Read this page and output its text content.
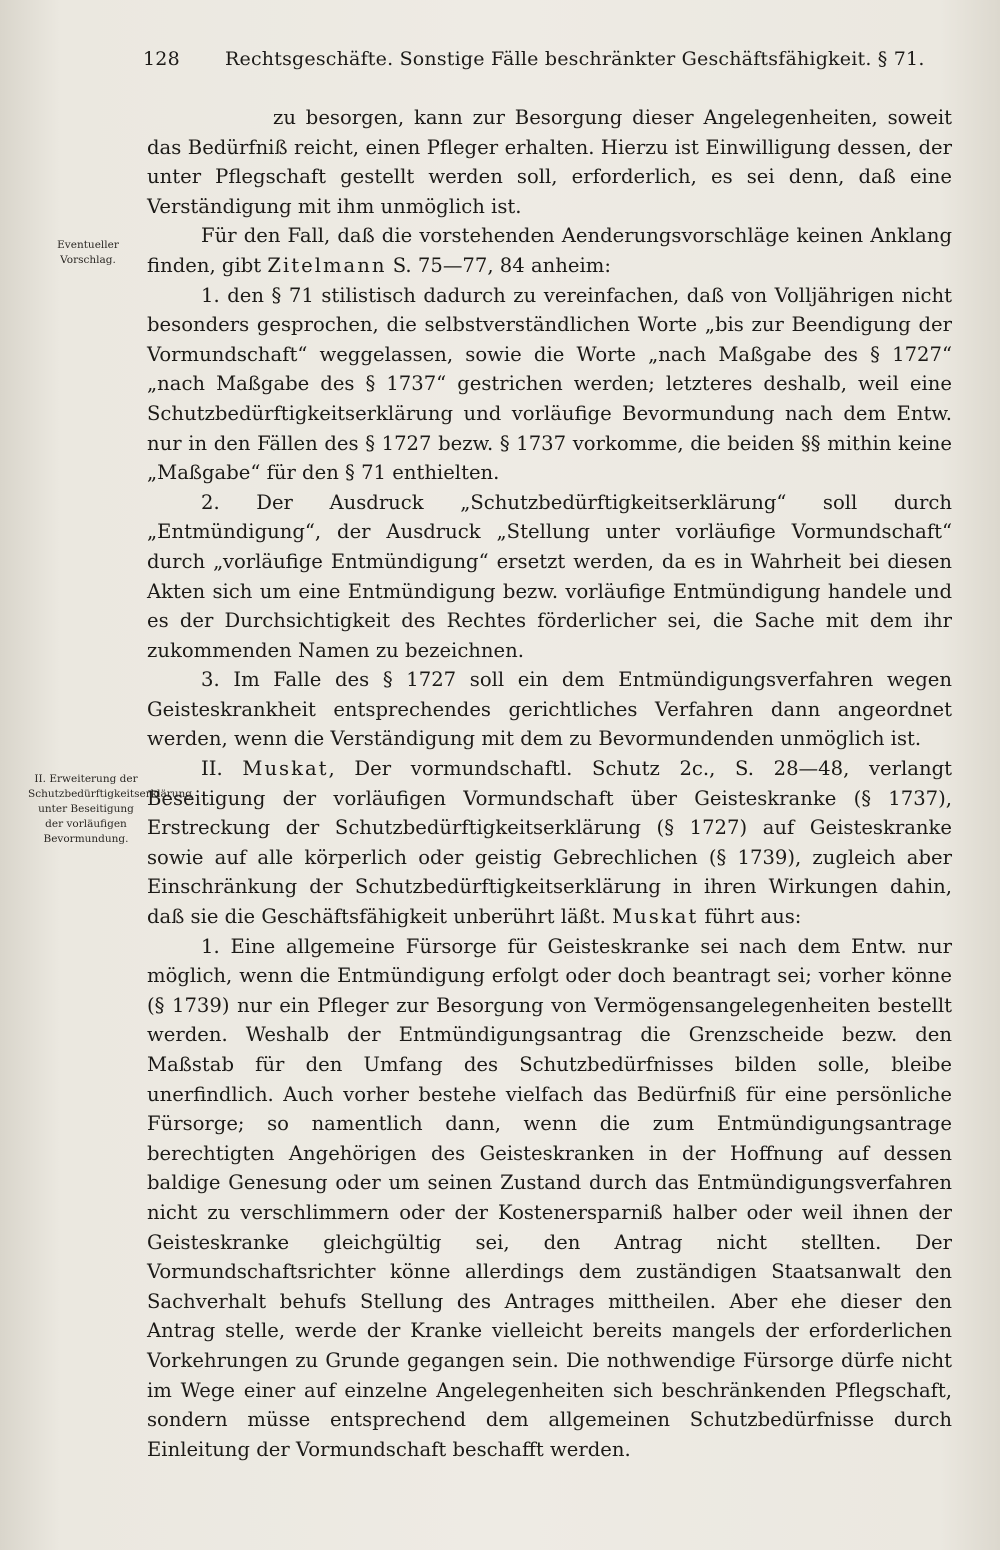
128 Rechtsgeschäfte. Sonstige Fälle beschränkter Geschäftsfähigkeit. § 71.
Eventueller Vorschlag.
II. Erweiterung der Schutzbedürftigkeitserklärung unter Beseitigung der vorläufigen Bevormundung.

zu besorgen, kann zur Besorgung dieser Angelegenheiten, soweit das Bedürfniß reicht, einen Pfleger erhalten. Hierzu ist Einwilligung dessen, der unter Pflegschaft gestellt werden soll, erforderlich, es sei denn, daß eine Verständigung mit ihm unmöglich ist.

Für den Fall, daß die vorstehenden Aenderungsvorschläge keinen Anklang finden, gibt Zitelmann S. 75—77, 84 anheim:

1. den § 71 stilistisch dadurch zu vereinfachen, daß von Volljährigen nicht besonders gesprochen, die selbstverständlichen Worte „bis zur Beendigung der Vormundschaft“ weggelassen, sowie die Worte „nach Maßgabe des § 1727“ „nach Maßgabe des § 1737“ gestrichen werden; letzteres deshalb, weil eine Schutzbedürftigkeitserklärung und vorläufige Bevormundung nach dem Entw. nur in den Fällen des § 1727 bezw. § 1737 vorkomme, die beiden §§ mithin keine „Maßgabe“ für den § 71 enthielten.

2. Der Ausdruck „Schutzbedürftigkeitserklärung“ soll durch „Entmündigung“, der Ausdruck „Stellung unter vorläufige Vormundschaft“ durch „vorläufige Entmündigung“ ersetzt werden, da es in Wahrheit bei diesen Akten sich um eine Entmündigung bezw. vorläufige Entmündigung handele und es der Durchsichtigkeit des Rechtes förderlicher sei, die Sache mit dem ihr zukommenden Namen zu bezeichnen.

3. Im Falle des § 1727 soll ein dem Entmündigungsverfahren wegen Geisteskrankheit entsprechendes gerichtliches Verfahren dann angeordnet werden, wenn die Verständigung mit dem zu Bevormundenden unmöglich ist.

II. Muskat, Der vormundschaftl. Schutz 2c., S. 28—48, verlangt Beseitigung der vorläufigen Vormundschaft über Geisteskranke (§ 1737), Erstreckung der Schutzbedürftigkeitserklärung (§ 1727) auf Geisteskranke sowie auf alle körperlich oder geistig Gebrechlichen (§ 1739), zugleich aber Einschränkung der Schutzbedürftigkeitserklärung in ihren Wirkungen dahin, daß sie die Geschäftsfähigkeit unberührt läßt. Muskat führt aus:

1. Eine allgemeine Fürsorge für Geisteskranke sei nach dem Entw. nur möglich, wenn die Entmündigung erfolgt oder doch beantragt sei; vorher könne (§ 1739) nur ein Pfleger zur Besorgung von Vermögensangelegenheiten bestellt werden. Weshalb der Entmündigungsantrag die Grenzscheide bezw. den Maßstab für den Umfang des Schutzbedürfnisses bilden solle, bleibe unerfindlich. Auch vorher bestehe vielfach das Bedürfniß für eine persönliche Fürsorge; so namentlich dann, wenn die zum Entmündigungsantrage berechtigten Angehörigen des Geisteskranken in der Hoffnung auf dessen baldige Genesung oder um seinen Zustand durch das Entmündigungsverfahren nicht zu verschlimmern oder der Kostenersparniß halber oder weil ihnen der Geisteskranke gleichgültig sei, den Antrag nicht stellten. Der Vormundschaftsrichter könne allerdings dem zuständigen Staatsanwalt den Sachverhalt behufs Stellung des Antrages mittheilen. Aber ehe dieser den Antrag stelle, werde der Kranke vielleicht bereits mangels der erforderlichen Vorkehrungen zu Grunde gegangen sein. Die nothwendige Fürsorge dürfe nicht im Wege einer auf einzelne Angelegenheiten sich beschränkenden Pflegschaft, sondern müsse entsprechend dem allgemeinen Schutzbedürfnisse durch Einleitung der Vormundschaft beschafft werden.
